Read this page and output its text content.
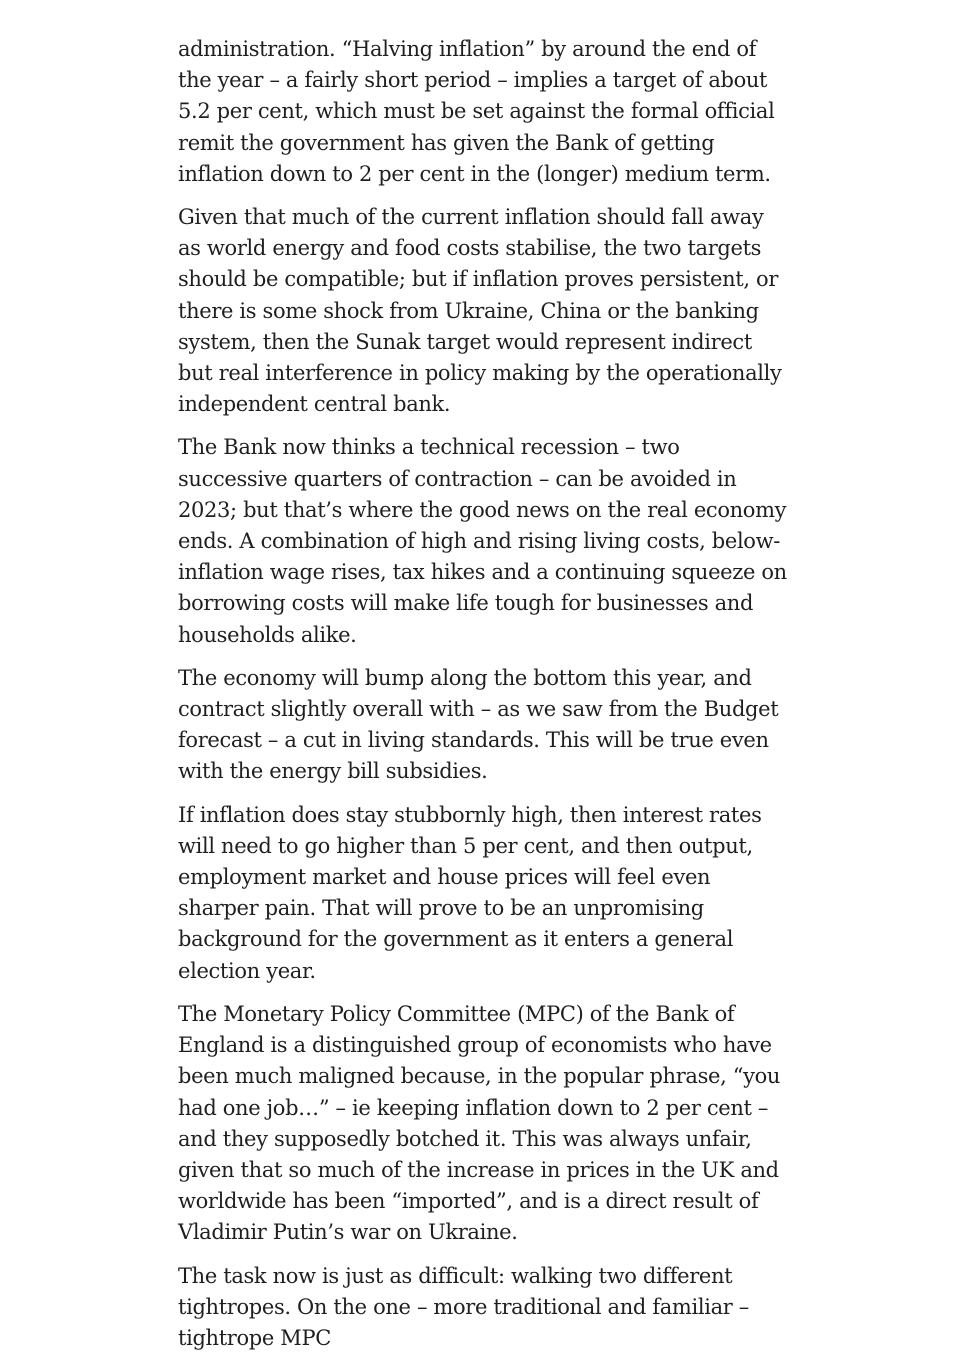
administration. “Halving inflation” by around the end of the year – a fairly short period – implies a target of about 5.2 per cent, which must be set against the formal official remit the government has given the Bank of getting inflation down to 2 per cent in the (longer) medium term.

Given that much of the current inflation should fall away as world energy and food costs stabilise, the two targets should be compatible; but if inflation proves persistent, or there is some shock from Ukraine, China or the banking system, then the Sunak target would represent indirect but real interference in policy making by the operationally independent central bank.

The Bank now thinks a technical recession – two successive quarters of contraction – can be avoided in 2023; but that’s where the good news on the real economy ends. A combination of high and rising living costs, below-inflation wage rises, tax hikes and a continuing squeeze on borrowing costs will make life tough for businesses and households alike.

The economy will bump along the bottom this year, and contract slightly overall with – as we saw from the Budget forecast – a cut in living standards. This will be true even with the energy bill subsidies.

If inflation does stay stubbornly high, then interest rates will need to go higher than 5 per cent, and then output, employment market and house prices will feel even sharper pain. That will prove to be an unpromising background for the government as it enters a general election year.

The Monetary Policy Committee (MPC) of the Bank of England is a distinguished group of economists who have been much maligned because, in the popular phrase, “you had one job…” – ie keeping inflation down to 2 per cent – and they supposedly botched it. This was always unfair, given that so much of the increase in prices in the UK and worldwide has been “imported”, and is a direct result of Vladimir Putin’s war on Ukraine.

The task now is just as difficult: walking two different tightropes. On the one – more traditional and familiar – tightrope MPC
